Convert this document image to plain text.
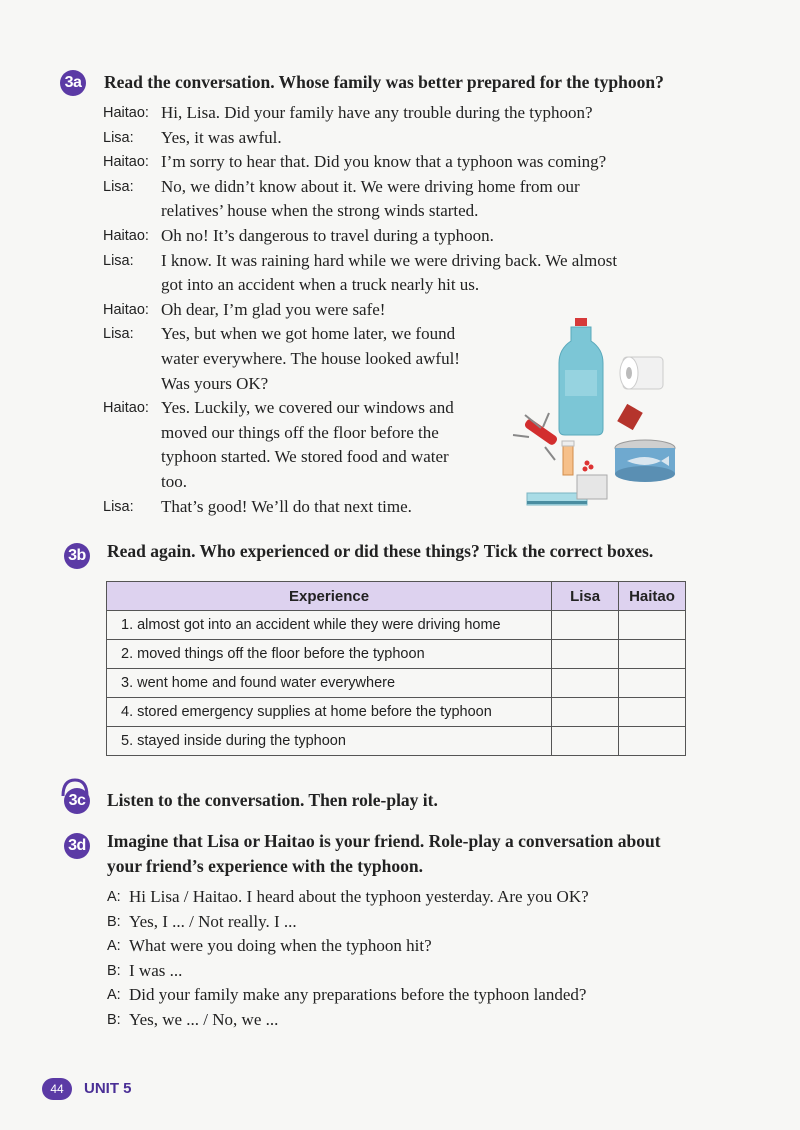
3a Read the conversation. Whose family was better prepared for the typhoon?
Haitao: Hi, Lisa. Did your family have any trouble during the typhoon?
Lisa: Yes, it was awful.
Haitao: I’m sorry to hear that. Did you know that a typhoon was coming?
Lisa: No, we didn’t know about it. We were driving home from our
relatives’ house when the strong winds started.
Haitao: Oh no! It’s dangerous to travel during a typhoon.
Lisa: I know. It was raining hard while we were driving back. We almost
got into an accident when a truck nearly hit us.
Haitao: Oh dear, I’m glad you were safe!
Lisa: Yes, but when we got home later, we found
water everywhere. The house looked awful!
Was yours OK?
Haitao: Yes. Luckily, we covered our windows and
moved our things off the floor before the
typhoon started. We stored food and water
too.
Lisa: That’s good! We’ll do that next time.
3b Read again. Who experienced or did these things? Tick the correct boxes.
Experience	Lisa	Haitao
1. almost got into an accident while they were driving home		
2. moved things off the floor before the typhoon		
3. went home and found water everywhere		
4. stored emergency supplies at home before the typhoon		
5. stayed inside during the typhoon		
3c Listen to the conversation. Then role-play it.
3d Imagine that Lisa or Haitao is your friend. Role-play a conversation about
your friend’s experience with the typhoon.
A: Hi Lisa / Haitao. I heard about the typhoon yesterday. Are you OK?
B: Yes, I ... / Not really. I ...
A: What were you doing when the typhoon hit?
B: I was ...
A: Did your family make any preparations before the typhoon landed?
B: Yes, we ... / No, we ...
44	UNIT 5
